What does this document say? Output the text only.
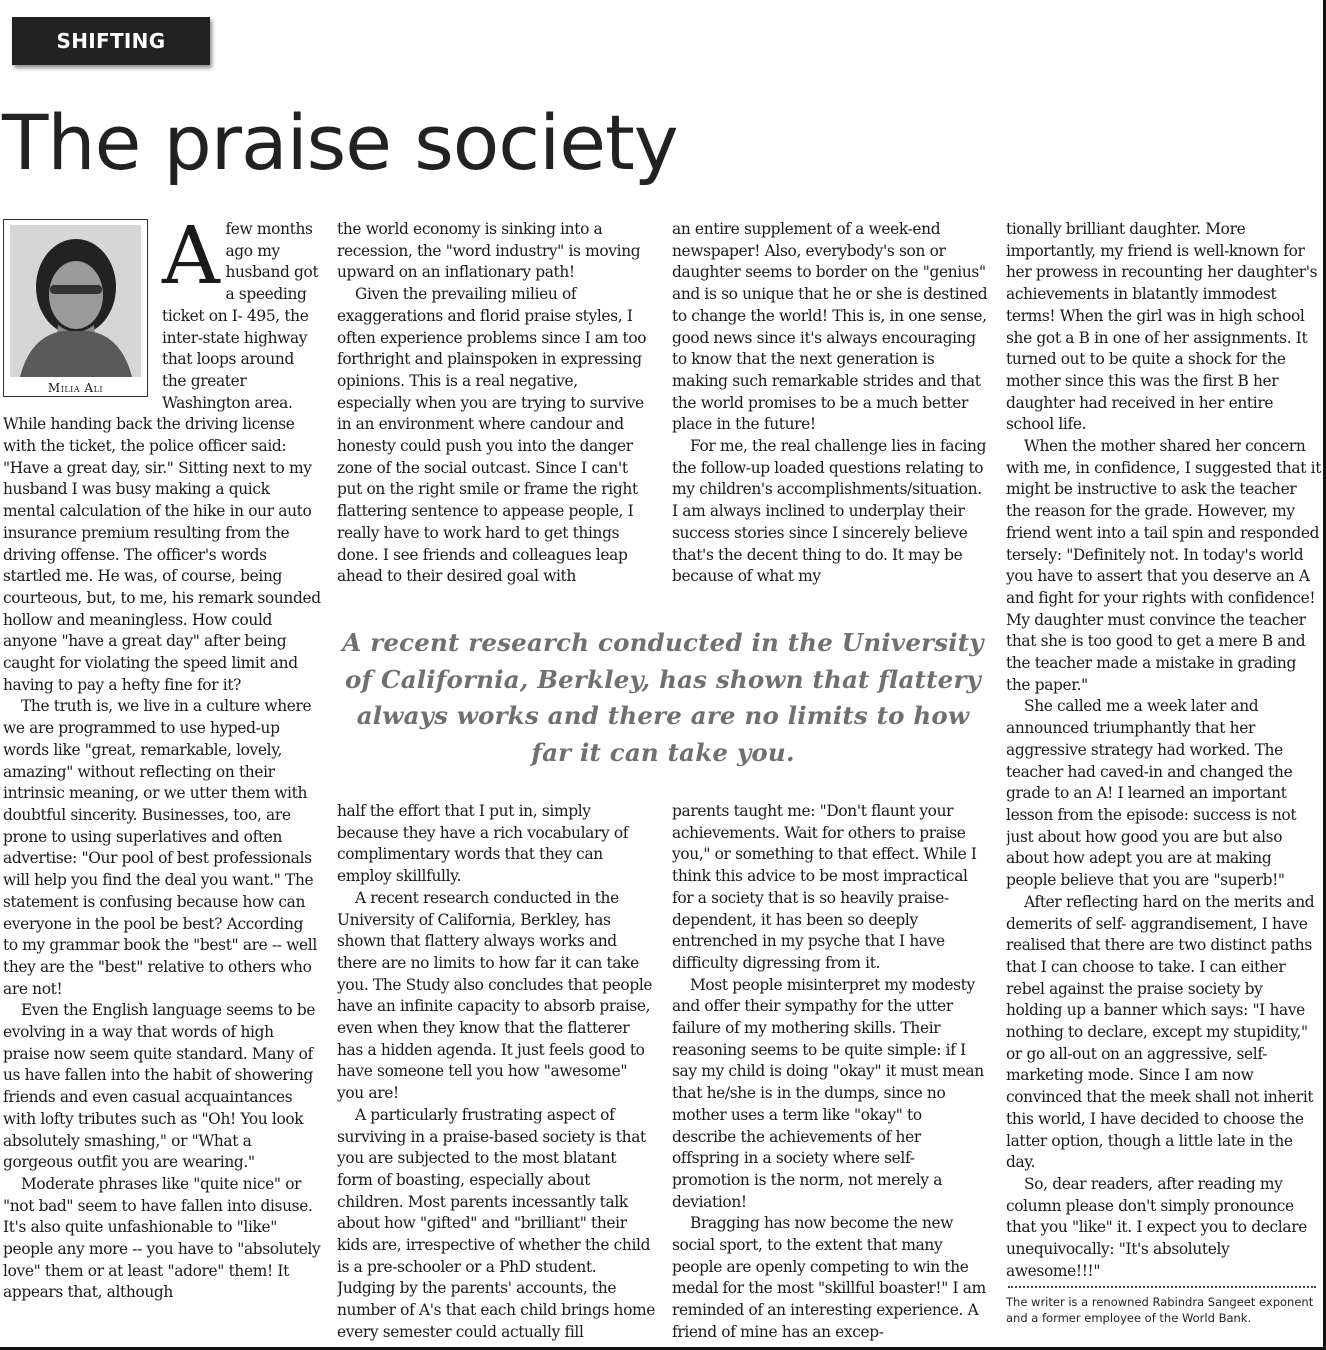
SHIFTING IMAGES
The praise society
Milia Ali

Afew months ago my husband got a speeding ticket on I- 495, the inter-state highway that loops around the greater Washington area. While handing back the driving license with the ticket, the police officer said: "Have a great day, sir." Sitting next to my husband I was busy making a quick mental calculation of the hike in our auto insurance premium resulting from the driving offense. The officer's words startled me. He was, of course, being courteous, but, to me, his remark sounded hollow and meaningless. How could anyone "have a great day" after being caught for violating the speed limit and having to pay a hefty fine for it?

The truth is, we live in a culture where we are programmed to use hyped-up words like "great, remarkable, lovely, amazing" without reflecting on their intrinsic meaning, or we utter them with doubtful sincerity. Businesses, too, are prone to using superlatives and often advertise: "Our pool of best professionals will help you find the deal you want." The statement is confusing because how can everyone in the pool be best? According to my grammar book the "best" are -- well they are the "best" relative to others who are not!

Even the English language seems to be evolving in a way that words of high praise now seem quite standard. Many of us have fallen into the habit of showering friends and even casual acquaintances with lofty tributes such as "Oh! You look absolutely smashing," or "What a gorgeous outfit you are wearing."

Moderate phrases like "quite nice" or "not bad" seem to have fallen into disuse. It's also quite unfashionable to "like" people any more -- you have to "absolutely love" them or at least "adore" them! It appears that, although

the world economy is sinking into a recession, the "word industry" is moving upward on an inflationary path!

Given the prevailing milieu of exaggerations and florid praise styles, I often experience problems since I am too forthright and plainspoken in expressing opinions. This is a real negative, especially when you are trying to survive in an environment where candour and honesty could push you into the danger zone of the social outcast. Since I can't put on the right smile or frame the right flattering sentence to appease people, I really have to work hard to get things done. I see friends and colleagues leap ahead to their desired goal with

an entire supplement of a week-end newspaper! Also, everybody's son or daughter seems to border on the "genius" and is so unique that he or she is destined to change the world! This is, in one sense, good news since it's always encouraging to know that the next generation is making such remarkable strides and that the world promises to be a much better place in the future!

For me, the real challenge lies in facing the follow-up loaded questions relating to my children's accomplishments/situation. I am always inclined to underplay their success stories since I sincerely believe that's the decent thing to do. It may be because of what my

A recent research conducted in the University of California, Berkley, has shown that flattery always works and there are no limits to how far it can take you.

half the effort that I put in, simply because they have a rich vocabulary of complimentary words that they can employ skillfully.

A recent research conducted in the University of California, Berkley, has shown that flattery always works and there are no limits to how far it can take you. The Study also concludes that people have an infinite capacity to absorb praise, even when they know that the flatterer has a hidden agenda. It just feels good to have someone tell you how "awesome" you are!

A particularly frustrating aspect of surviving in a praise-based society is that you are subjected to the most blatant form of boasting, especially about children. Most parents incessantly talk about how "gifted" and "brilliant" their kids are, irrespective of whether the child is a pre-schooler or a PhD student. Judging by the parents' accounts, the number of A's that each child brings home every semester could actually fill

parents taught me: "Don't flaunt your achievements. Wait for others to praise you," or something to that effect. While I think this advice to be most impractical for a society that is so heavily praise-dependent, it has been so deeply entrenched in my psyche that I have difficulty digressing from it.

Most people misinterpret my modesty and offer their sympathy for the utter failure of my mothering skills. Their reasoning seems to be quite simple: if I say my child is doing "okay" it must mean that he/she is in the dumps, since no mother uses a term like "okay" to describe the achievements of her offspring in a society where self-promotion is the norm, not merely a deviation!

Bragging has now become the new social sport, to the extent that many people are openly competing to win the medal for the most "skillful boaster!" I am reminded of an interesting experience. A friend of mine has an excep-

tionally brilliant daughter. More importantly, my friend is well-known for her prowess in recounting her daughter's achievements in blatantly immodest terms! When the girl was in high school she got a B in one of her assignments. It turned out to be quite a shock for the mother since this was the first B her daughter had received in her entire school life.

When the mother shared her concern with me, in confidence, I suggested that it might be instructive to ask the teacher the reason for the grade. However, my friend went into a tail spin and responded tersely: "Definitely not. In today's world you have to assert that you deserve an A and fight for your rights with confidence! My daughter must convince the teacher that she is too good to get a mere B and the teacher made a mistake in grading the paper."

She called me a week later and announced triumphantly that her aggressive strategy had worked. The teacher had caved-in and changed the grade to an A! I learned an important lesson from the episode: success is not just about how good you are but also about how adept you are at making people believe that you are "superb!"

After reflecting hard on the merits and demerits of self- aggrandisement, I have realised that there are two distinct paths that I can choose to take. I can either rebel against the praise society by holding up a banner which says: "I have nothing to declare, except my stupidity," or go all-out on an aggressive, self-marketing mode. Since I am now convinced that the meek shall not inherit this world, I have decided to choose the latter option, though a little late in the day.

So, dear readers, after reading my column please don't simply pronounce that you "like" it. I expect you to declare unequivocally: "It's absolutely awesome!!!"

The writer is a renowned Rabindra Sangeet exponent and a former employee of the World Bank.
